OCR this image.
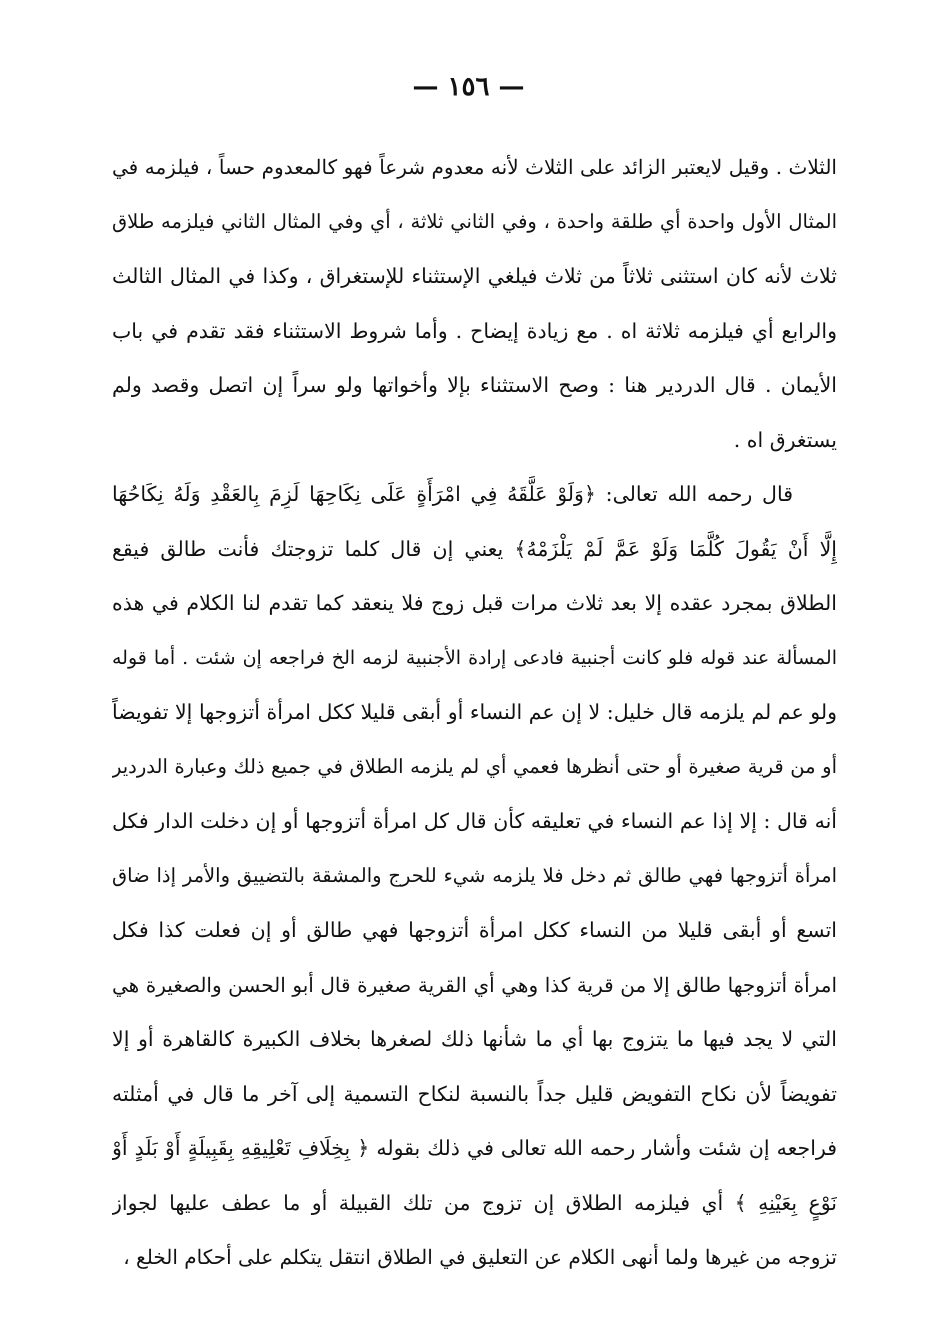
— ١٥٦ —
الثلاث . وقيل لايعتبر الزائد على الثلاث لأنه معدوم شرعاً فهو كالمعدوم حساً ، فيلزمه في
المثال الأول واحدة أي طلقة واحدة ، وفي الثاني ثلاثة ، أي وفي المثال الثاني فيلزمه طلاق
ثلاث لأنه كان استثنى ثلاثاً من ثلاث فيلغي الإستثناء للإستغراق ، وكذا في المثال الثالث
والرابع أي فيلزمه ثلاثة اه . مع زيادة إيضاح . وأما شروط الاستثناء فقد تقدم في باب
الأيمان . قال الدردير هنا : وصح الاستثناء بإلا وأخواتها ولو سراً إن اتصل وقصد ولم
يستغرق اه .
قال رحمه الله تعالى: ﴿وَلَوْ عَلَّقَهُ فِي امْرَأَةٍ عَلَى نِكَاحِهَا لَزِمَ بِالعَقْدِ وَلَهُ نِكَاحُهَا
إِلَّا أَنْ يَقُولَ كُلَّمَا وَلَوْ عَمَّ لَمْ يَلْزَمْهُ﴾ يعني إن قال كلما تزوجتك فأنت طالق فيقع
الطلاق بمجرد عقده إلا بعد ثلاث مرات قبل زوج فلا ينعقد كما تقدم لنا الكلام في هذه
المسألة عند قوله فلو كانت أجنبية فادعى إرادة الأجنبية لزمه الخ فراجعه إن شئت . أما قوله
ولو عم لم يلزمه قال خليل: لا إن عم النساء أو أبقى قليلا ككل امرأة أتزوجها إلا تفويضاً
أو من قرية صغيرة أو حتى أنظرها فعمي أي لم يلزمه الطلاق في جميع ذلك وعبارة الدردير
أنه قال : إلا إذا عم النساء في تعليقه كأن قال كل امرأة أتزوجها أو إن دخلت الدار فكل
امرأة أتزوجها فهي طالق ثم دخل فلا يلزمه شيء للحرج والمشقة بالتضييق والأمر إذا ضاق
اتسع أو أبقى قليلا من النساء ككل امرأة أتزوجها فهي طالق أو إن فعلت كذا فكل
امرأة أتزوجها طالق إلا من قرية كذا وهي أي القرية صغيرة قال أبو الحسن والصغيرة هي
التي لا يجد فيها ما يتزوج بها أي ما شأنها ذلك لصغرها بخلاف الكبيرة كالقاهرة أو إلا
تفويضاً لأن نكاح التفويض قليل جداً بالنسبة لنكاح التسمية إلى آخر ما قال في أمثلته
فراجعه إن شئت وأشار رحمه الله تعالى في ذلك بقوله ﴿ بِخِلَافِ تَعْلِيقِهِ بِقَبِيلَةٍ أَوْ بَلَدٍ أَوْ
نَوْعٍ بِعَيْنِهِ ﴾ أي فيلزمه الطلاق إن تزوج من تلك القبيلة أو ما عطف عليها لجواز
تزوجه من غيرها ولما أنهى الكلام عن التعليق في الطلاق انتقل يتكلم على أحكام الخلع ،
